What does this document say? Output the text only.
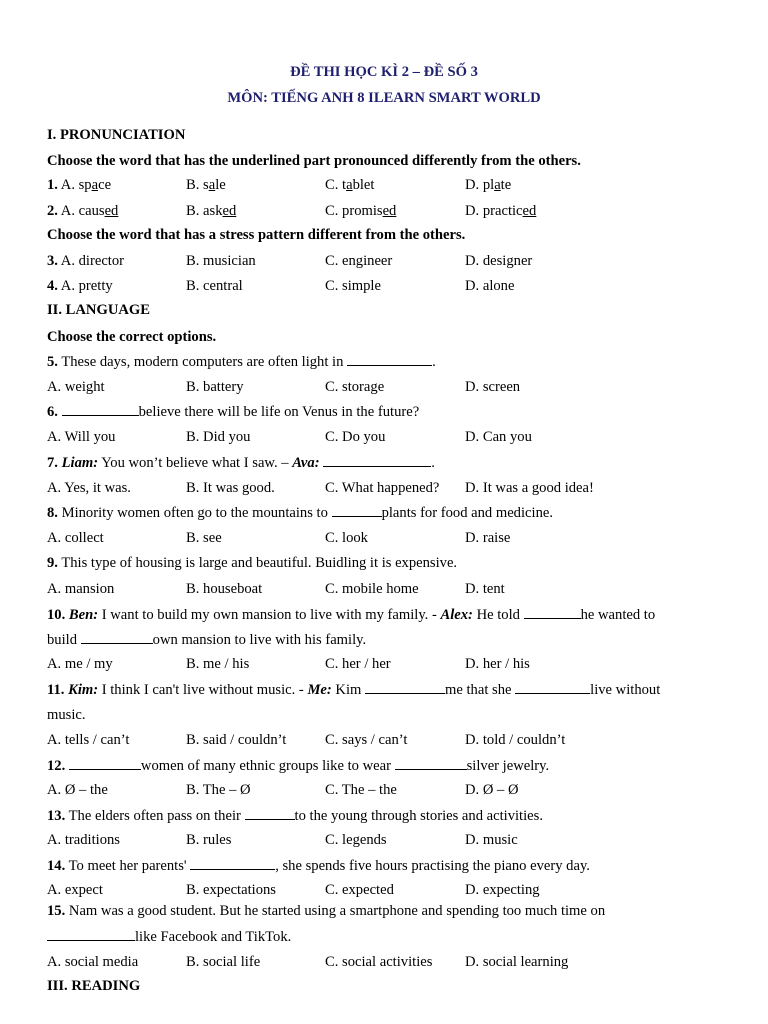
ĐỀ THI HỌC KÌ 2 – ĐỀ SỐ 3
MÔN: TIẾNG ANH 8 ILEARN SMART WORLD
I. PRONUNCIATION
Choose the word that has the underlined part pronounced differently from the others.
1. A. space	B. sale	C. tablet	D. plate
2. A. caused	B. asked	C. promised	D. practiced
Choose the word that has a stress pattern different from the others.
3. A. director	B. musician	C. engineer	D. designer
4. A. pretty	B. central	C. simple	D. alone
II. LANGUAGE
Choose the correct options.
5. These days, modern computers are often light in	.
A. weight	B. battery	C. storage	D. screen
6.	believe there will be life on Venus in the future?
A. Will you	B. Did you	C. Do you	D. Can you
7. Liam: You won’t believe what I saw. – Ava:	.
A. Yes, it was.	B. It was good.	C. What happened? D. It was a good idea!
8. Minority women often go to the mountains to	plants for food and medicine.
A. collect	B. see	C. look	D. raise
9. This type of housing is large and beautiful. Buidling it is expensive.
A. mansion	B. houseboat	C. mobile home	D. tent
10. Ben: I want to build my own mansion to live with my family. - Alex: He told	he wanted to
build	own mansion to live with his family.
A. me / my	B. me / his	C. her / her	D. her / his
11. Kim: I think I can't live without music. - Me: Kim	me that she	live without
music.
A. tells / can’t	B. said / couldn’t	C. says / can’t	D. told / couldn’t
12.	women of many ethnic groups like to wear	silver jewelry.
A. Ø – the	B. The – Ø	C. The – the	D. Ø – Ø
13. The elders often pass on their	to the young through stories and activities.
A. traditions	B. rules	C. legends	D. music
14. To meet her parents'	, she spends five hours practising the piano every day.
A. expect	B. expectations	C. expected	D. expecting
15. Nam was a good student. But he started using a smartphone and spending too much time on
like Facebook and TikTok.
A. social media	B. social life	C. social activities D. social learning
III. READING
